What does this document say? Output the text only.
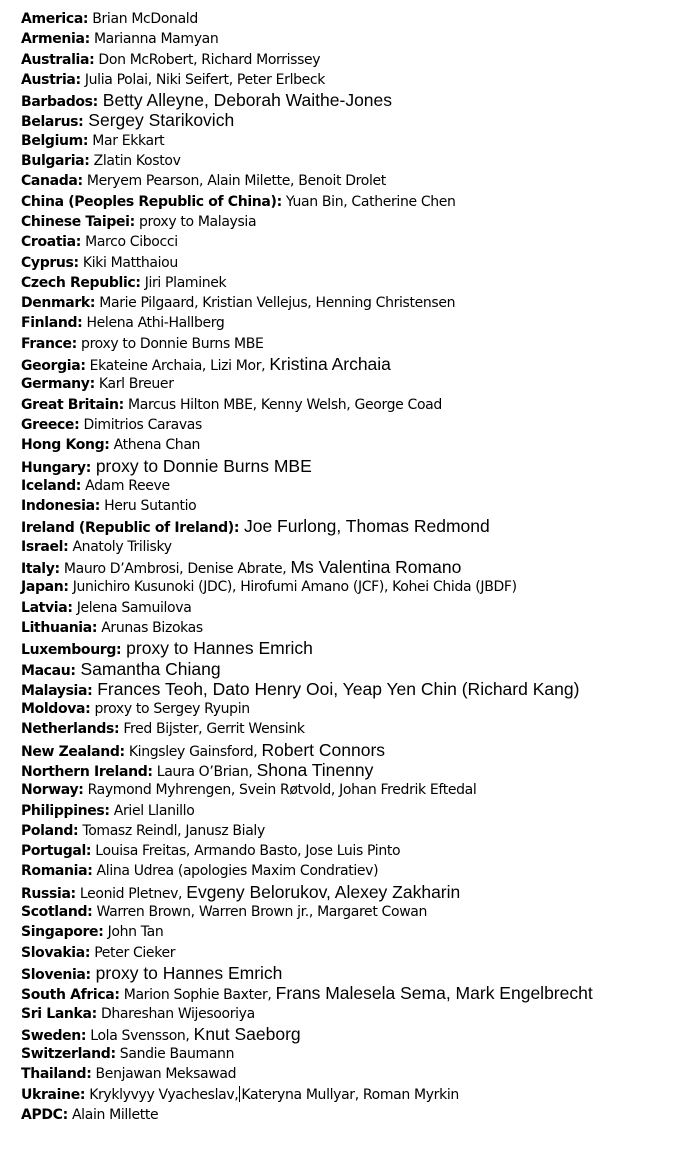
America: Brian McDonald
Armenia: Marianna Mamyan
Australia: Don McRobert, Richard Morrissey
Austria: Julia Polai, Niki Seifert, Peter Erlbeck
Barbados: Betty Alleyne, Deborah Waithe-Jones
Belarus: Sergey Starikovich
Belgium: Mar Ekkart
Bulgaria: Zlatin Kostov
Canada: Meryem Pearson, Alain Milette, Benoit Drolet
China (Peoples Republic of China): Yuan Bin, Catherine Chen
Chinese Taipei: proxy to Malaysia
Croatia: Marco Cibocci
Cyprus: Kiki Matthaiou
Czech Republic: Jiri Plaminek
Denmark: Marie Pilgaard, Kristian Vellejus, Henning Christensen
Finland: Helena Athi-Hallberg
France: proxy to Donnie Burns MBE
Georgia: Ekateine Archaia, Lizi Mor, Kristina Archaia
Germany: Karl Breuer
Great Britain: Marcus Hilton MBE, Kenny Welsh, George Coad
Greece: Dimitrios Caravas
Hong Kong: Athena Chan
Hungary: proxy to Donnie Burns MBE
Iceland: Adam Reeve
Indonesia: Heru Sutantio
Ireland (Republic of Ireland): Joe Furlong, Thomas Redmond
Israel: Anatoly Trilisky
Italy: Mauro D’Ambrosi, Denise Abrate, Ms Valentina Romano
Japan: Junichiro Kusunoki (JDC), Hirofumi Amano (JCF), Kohei Chida (JBDF)
Latvia: Jelena Samuilova
Lithuania: Arunas Bizokas
Luxembourg: proxy to Hannes Emrich
Macau: Samantha Chiang
Malaysia: Frances Teoh, Dato Henry Ooi, Yeap Yen Chin (Richard Kang)
Moldova: proxy to Sergey Ryupin
Netherlands: Fred Bijster, Gerrit Wensink
New Zealand: Kingsley Gainsford, Robert Connors
Northern Ireland: Laura O’Brian, Shona Tinenny
Norway: Raymond Myhrengen, Svein Røtvold, Johan Fredrik Eftedal
Philippines: Ariel Llanillo
Poland: Tomasz Reindl, Janusz Bialy
Portugal: Louisa Freitas, Armando Basto, Jose Luis Pinto
Romania: Alina Udrea (apologies Maxim Condratiev)
Russia: Leonid Pletnev, Evgeny Belorukov, Alexey Zakharin
Scotland: Warren Brown, Warren Brown jr., Margaret Cowan
Singapore: John Tan
Slovakia: Peter Cieker
Slovenia: proxy to Hannes Emrich
South Africa: Marion Sophie Baxter, Frans Malesela Sema, Mark Engelbrecht
Sri Lanka: Dhareshan Wijesooriya
Sweden: Lola Svensson, Knut Saeborg
Switzerland: Sandie Baumann
Thailand: Benjawan Meksawad
Ukraine: Kryklyvyy Vyacheslav, Kateryna Mullyar, Roman Myrkin
APDC: Alain Millette
